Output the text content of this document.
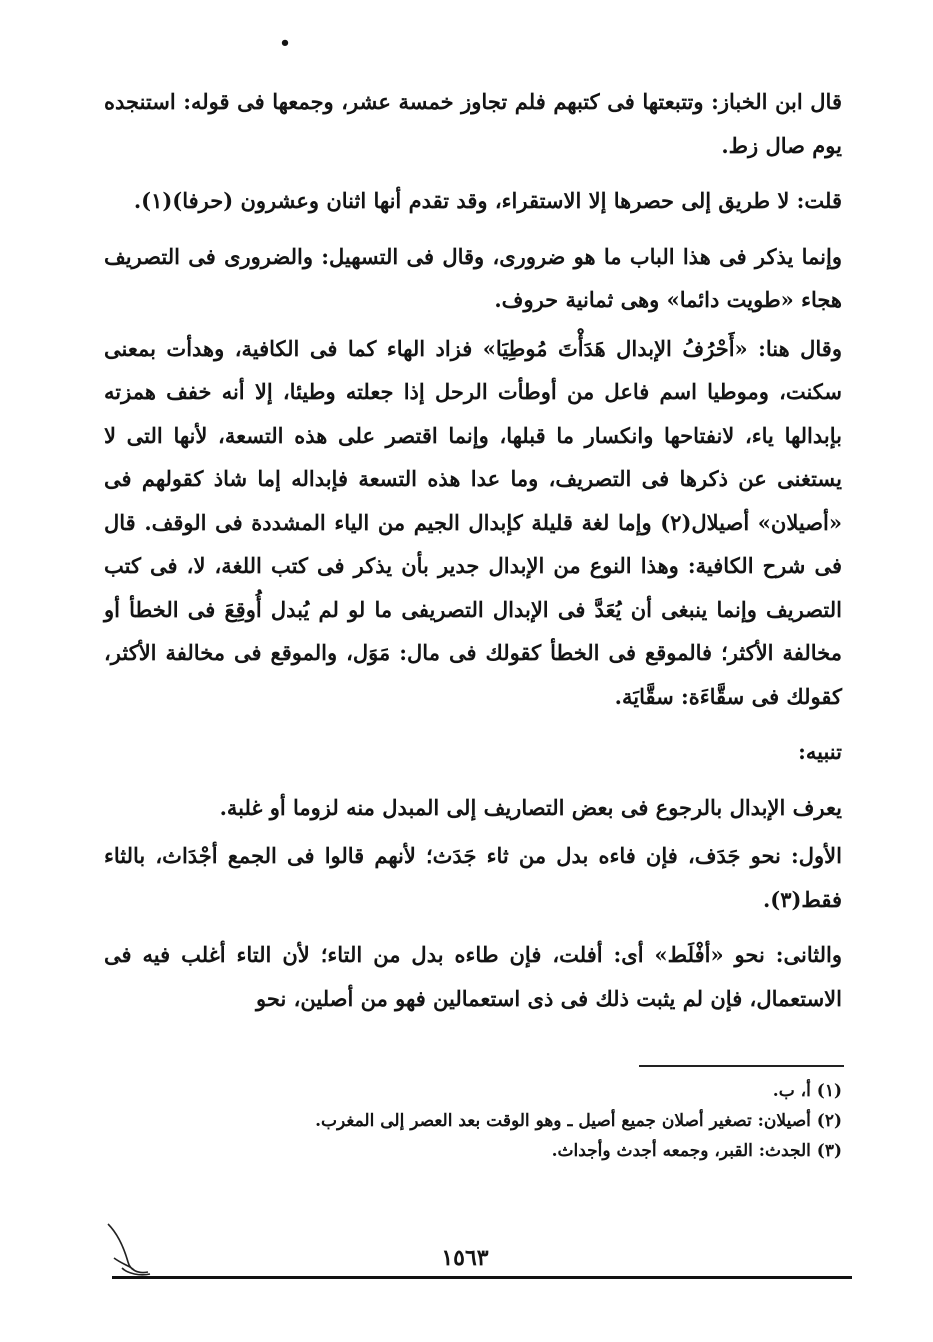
•

قال ابن الخباز: وتتبعتها فى كتبهم فلم تجاوز خمسة عشر، وجمعها فى قوله: استنجده يوم صال زط.

قلت: لا طريق إلى حصرها إلا الاستقراء، وقد تقدم أنها اثنان وعشرون (حرفا)(١).

وإنما يذكر فى هذا الباب ما هو ضرورى، وقال فى التسهيل: والضرورى فى التصريف هجاء «طويت دائما» وهى ثمانية حروف.

وقال هنا: «أَحْرُفُ الإبدال هَدَأْتَ مُوطِيَا» فزاد الهاء كما فى الكافية، وهدأت بمعنى سكنت، وموطيا اسم فاعل من أوطأت الرحل إذا جعلته وطيئا، إلا أنه خفف همزته بإبدالها ياء، لانفتاحها وانكسار ما قبلها، وإنما اقتصر على هذه التسعة، لأنها التى لا يستغنى عن ذكرها فى التصريف، وما عدا هذه التسعة فإبداله إما شاذ كقولهم فى «أصيلان» أصيلال(٢) وإما لغة قليلة كإبدال الجيم من الياء المشددة فى الوقف. قال فى شرح الكافية: وهذا النوع من الإبدال جدير بأن يذكر فى كتب اللغة، لا، فى كتب التصريف وإنما ينبغى أن يُعَدَّ فى الإبدال التصريفى ما لو لم يُبدل أُوقِعَ فى الخطأ أو مخالفة الأكثر؛ فالموقع فى الخطأ كقولك فى مال: مَوَل، والموقع فى مخالفة الأكثر، كقولك فى سقَّاءَة: سقَّايَة.

تنبيه:

يعرف الإبدال بالرجوع فى بعض التصاريف إلى المبدل منه لزوما أو غلبة.

الأول: نحو جَدَف، فإن فاءه بدل من ثاء جَدَث؛ لأنهم قالوا فى الجمع أجْدَاث، بالثاء فقط(٣).

والثانى: نحو «أفْلَط» أى: أفلت، فإن طاءه بدل من التاء؛ لأن التاء أغلب فيه فى الاستعمال، فإن لم يثبت ذلك فى ذى استعمالين فهو من أصلين، نحو

(١) أ، ب.

(٢) أصيلان: تصغير أصلان جميع أصيل ـ وهو الوقت بعد العصر إلى المغرب.

(٣) الجدث: القبر، وجمعه أجدث وأجداث.

١٥٦٣
